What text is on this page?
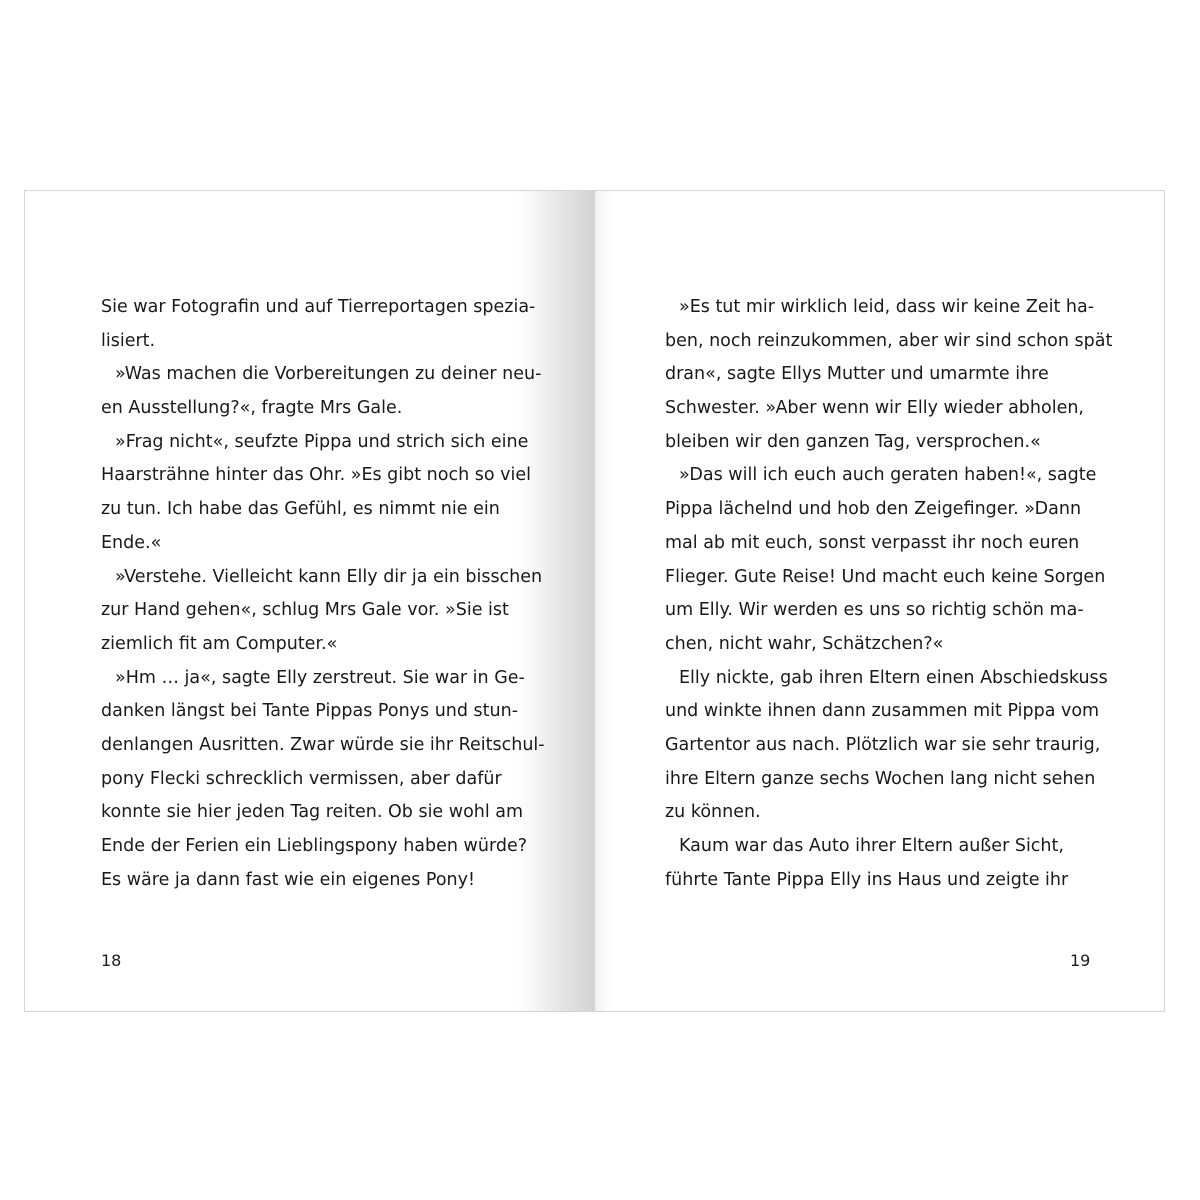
Sie war Fotografin und auf Tierreportagen spezia-
lisiert.
»Was machen die Vorbereitungen zu deiner neu-
en Ausstellung?«, fragte Mrs Gale.
»Frag nicht«, seufzte Pippa und strich sich eine
Haarsträhne hinter das Ohr. »Es gibt noch so viel
zu tun. Ich habe das Gefühl, es nimmt nie ein
Ende.«
»Verstehe. Vielleicht kann Elly dir ja ein bisschen
zur Hand gehen«, schlug Mrs Gale vor. »Sie ist
ziemlich fit am Computer.«
»Hm … ja«, sagte Elly zerstreut. Sie war in Ge-
danken längst bei Tante Pippas Ponys und stun-
denlangen Ausritten. Zwar würde sie ihr Reitschul-
pony Flecki schrecklich vermissen, aber dafür
konnte sie hier jeden Tag reiten. Ob sie wohl am
Ende der Ferien ein Lieblingspony haben würde?
Es wäre ja dann fast wie ein eigenes Pony!
18
»Es tut mir wirklich leid, dass wir keine Zeit ha-
ben, noch reinzukommen, aber wir sind schon spät
dran«, sagte Ellys Mutter und umarmte ihre
Schwester. »Aber wenn wir Elly wieder abholen,
bleiben wir den ganzen Tag, versprochen.«
»Das will ich euch auch geraten haben!«, sagte
Pippa lächelnd und hob den Zeigefinger. »Dann
mal ab mit euch, sonst verpasst ihr noch euren
Flieger. Gute Reise! Und macht euch keine Sorgen
um Elly. Wir werden es uns so richtig schön ma-
chen, nicht wahr, Schätzchen?«
Elly nickte, gab ihren Eltern einen Abschiedskuss
und winkte ihnen dann zusammen mit Pippa vom
Gartentor aus nach. Plötzlich war sie sehr traurig,
ihre Eltern ganze sechs Wochen lang nicht sehen
zu können.
Kaum war das Auto ihrer Eltern außer Sicht,
führte Tante Pippa Elly ins Haus und zeigte ihr
19
